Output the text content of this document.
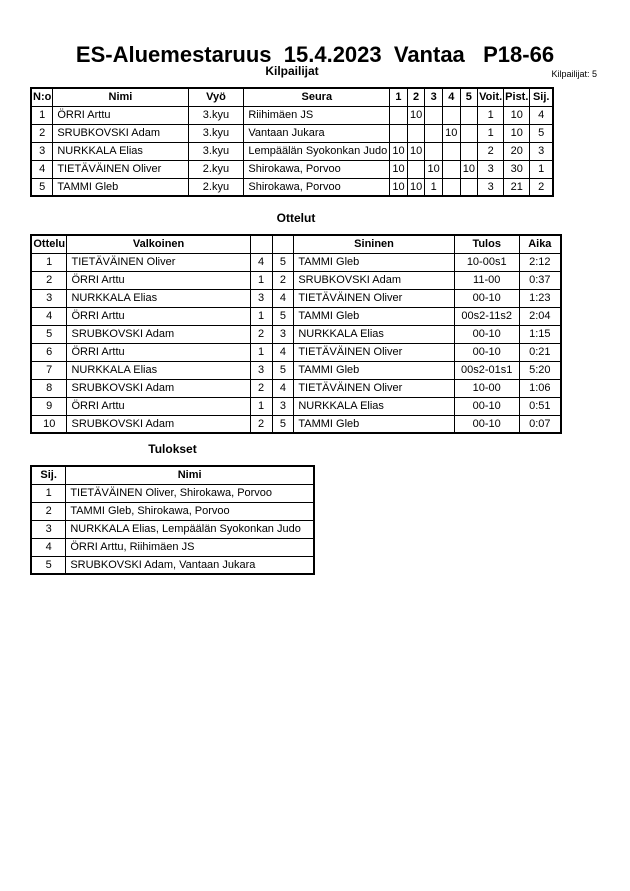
ES-Aluemestaruus  15.4.2023  Vantaa   P18-66
Kilpailijat: 5
Kilpailijat
N:o	Nimi	Vyö	Seura	1	2	3	4	5	Voit.	Pist.	Sij.
1	ÖRRI Arttu	3.kyu	Riihimäen JS		10				1	10	4
2	SRUBKOVSKI Adam	3.kyu	Vantaan Jukara				10		1	10	5
3	NURKKALA Elias	3.kyu	Lempäälän Syokonkan Judo	10	10				2	20	3
4	TIETÄVÄINEN Oliver	2.kyu	Shirokawa, Porvoo	10		10		10	3	30	1
5	TAMMI Gleb	2.kyu	Shirokawa, Porvoo	10	10	1			3	21	2
Ottelut
Ottelu	Valkoinen			Sininen	Tulos	Aika
1	TIETÄVÄINEN Oliver	4	5	TAMMI Gleb	10-00s1	2:12
2	ÖRRI Arttu	1	2	SRUBKOVSKI Adam	11-00	0:37
3	NURKKALA Elias	3	4	TIETÄVÄINEN Oliver	00-10	1:23
4	ÖRRI Arttu	1	5	TAMMI Gleb	00s2-11s2	2:04
5	SRUBKOVSKI Adam	2	3	NURKKALA Elias	00-10	1:15
6	ÖRRI Arttu	1	4	TIETÄVÄINEN Oliver	00-10	0:21
7	NURKKALA Elias	3	5	TAMMI Gleb	00s2-01s1	5:20
8	SRUBKOVSKI Adam	2	4	TIETÄVÄINEN Oliver	10-00	1:06
9	ÖRRI Arttu	1	3	NURKKALA Elias	00-10	0:51
10	SRUBKOVSKI Adam	2	5	TAMMI Gleb	00-10	0:07
Tulokset
Sij.	Nimi
1	TIETÄVÄINEN Oliver, Shirokawa, Porvoo
2	TAMMI Gleb, Shirokawa, Porvoo
3	NURKKALA Elias, Lempäälän Syokonkan Judo
4	ÖRRI Arttu, Riihimäen JS
5	SRUBKOVSKI Adam, Vantaan Jukara
